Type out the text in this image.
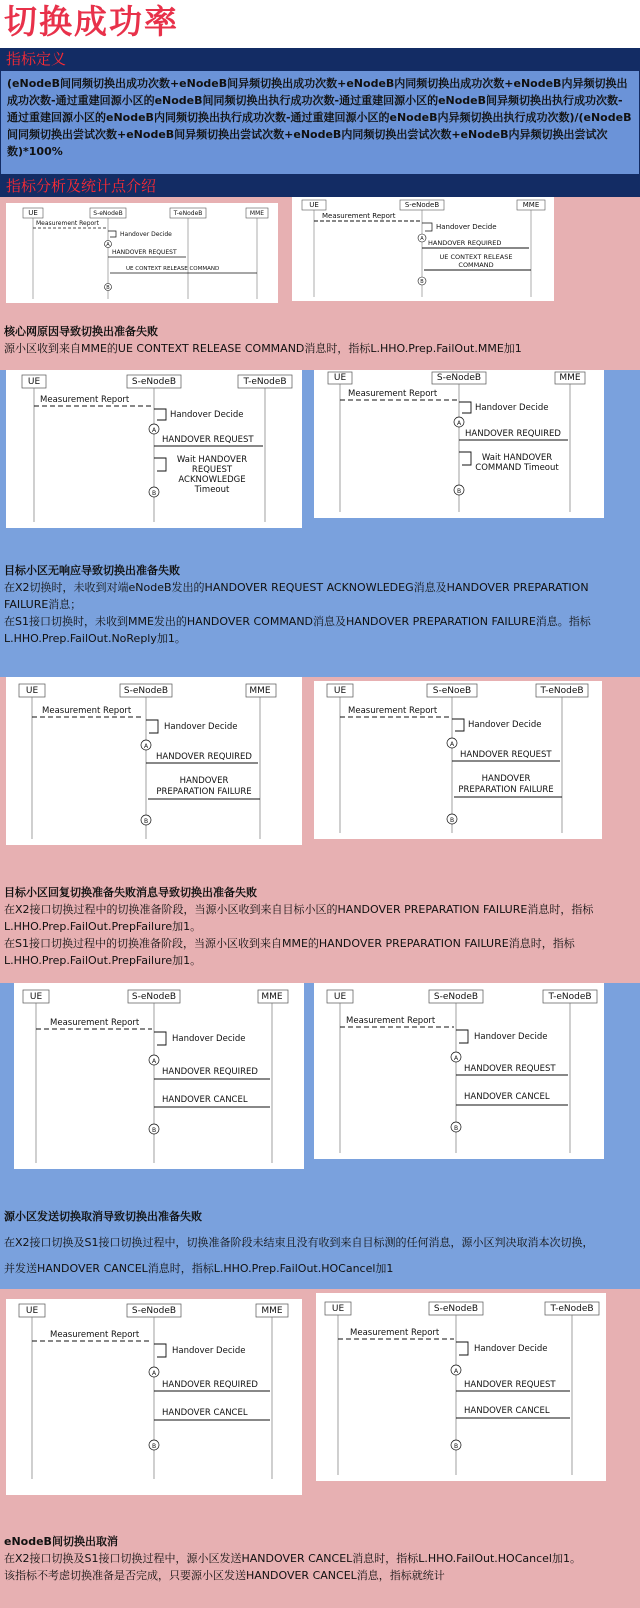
切换成功率
指标定义
(eNodeB间同频切换出成功次数+eNodeB间异频切换出成功次数+eNodeB内同频切换出成功次数+eNodeB内异频切换出成功次数-通过重建回源小区的eNodeB间同频切换出执行成功次数-通过重建回源小区的eNodeB间异频切换出执行成功次数-通过重建回源小区的eNodeB内同频切换出执行成功次数-通过重建回源小区的eNodeB内异频切换出执行成功次数)/(eNodeB间同频切换出尝试次数+eNodeB间异频切换出尝试次数+eNodeB内同频切换出尝试次数+eNodeB内异频切换出尝试次数)*100%
指标分析及统计点介绍
UE	S-eNodeB	T-eNodeB	MME
Measurement Report
Handover Decide
A
HANDOVER REQUEST
UE CONTEXT RELEASE COMMAND
B
UE	S-eNodeB	MME
Measurement Report
Handover Decide
A HANDOVER REQUIRED
UE CONTEXT RELEASE
COMMAND
B
核心网原因导致切换出准备失败
源小区收到来自MME的UE CONTEXT RELEASE COMMAND消息时，指标L.HHO.Prep.FailOut.MME加1
UE	S-eNodeB	T-eNodeB
Measurement Report
Handover Decide
A
HANDOVER REQUEST
Wait HANDOVER
REQUEST
ACKNOWLEDGE
Timeout
B
UE	S-eNodeB	MME
Measurement Report
Handover Decide
A
HANDOVER REQUIRED
Wait HANDOVER
COMMAND Timeout
B
目标小区无响应导致切换出准备失败
在X2切换时，未收到对端eNodeB发出的HANDOVER REQUEST ACKNOWLEDEG消息及HANDOVER PREPARATION FAILURE消息；
在S1接口切换时，未收到MME发出的HANDOVER COMMAND消息及HANDOVER PREPARATION FAILURE消息。指标L.HHO.Prep.FailOut.NoReply加1。
UE	S-eNodeB	MME
Measurement Report
Handover Decide
A
HANDOVER REQUIRED
HANDOVER
PREPARATION FAILURE
B
UE	S-eNoeB	T-eNodeB
Measurement Report
Handover Decide
A
HANDOVER REQUEST
HANDOVER
PREPARATION FAILURE
B
目标小区回复切换准备失败消息导致切换出准备失败
在X2接口切换过程中的切换准备阶段，当源小区收到来自目标小区的HANDOVER PREPARATION FAILURE消息时，指标L.HHO.Prep.FailOut.PrepFailure加1。
在S1接口切换过程中的切换准备阶段，当源小区收到来自MME的HANDOVER PREPARATION FAILURE消息时，指标L.HHO.Prep.FailOut.PrepFailure加1。
UE	S-eNodeB	MME
Measurement Report
Handover Decide
A
HANDOVER REQUIRED
HANDOVER CANCEL
B
UE	S-eNodeB	T-eNodeB
Measurement Report
Handover Decide
A
HANDOVER REQUEST
HANDOVER CANCEL
B
源小区发送切换取消导致切换出准备失败
在X2接口切换及S1接口切换过程中，切换准备阶段未结束且没有收到来自目标测的任何消息，源小区判决取消本次切换，
并发送HANDOVER CANCEL消息时，指标L.HHO.Prep.FailOut.HOCancel加1
UE	S-eNodeB	MME
Measurement Report
Handover Decide
A
HANDOVER REQUIRED
HANDOVER CANCEL
B
UE	S-eNodeB	T-eNodeB
Measurement Report
Handover Decide
A
HANDOVER REQUEST
HANDOVER CANCEL
B
eNodeB间切换出取消
在X2接口切换及S1接口切换过程中，源小区发送HANDOVER CANCEL消息时，指标L.HHO.FailOut.HOCancel加1。
该指标不考虑切换准备是否完成，只要源小区发送HANDOVER CANCEL消息，指标就统计
